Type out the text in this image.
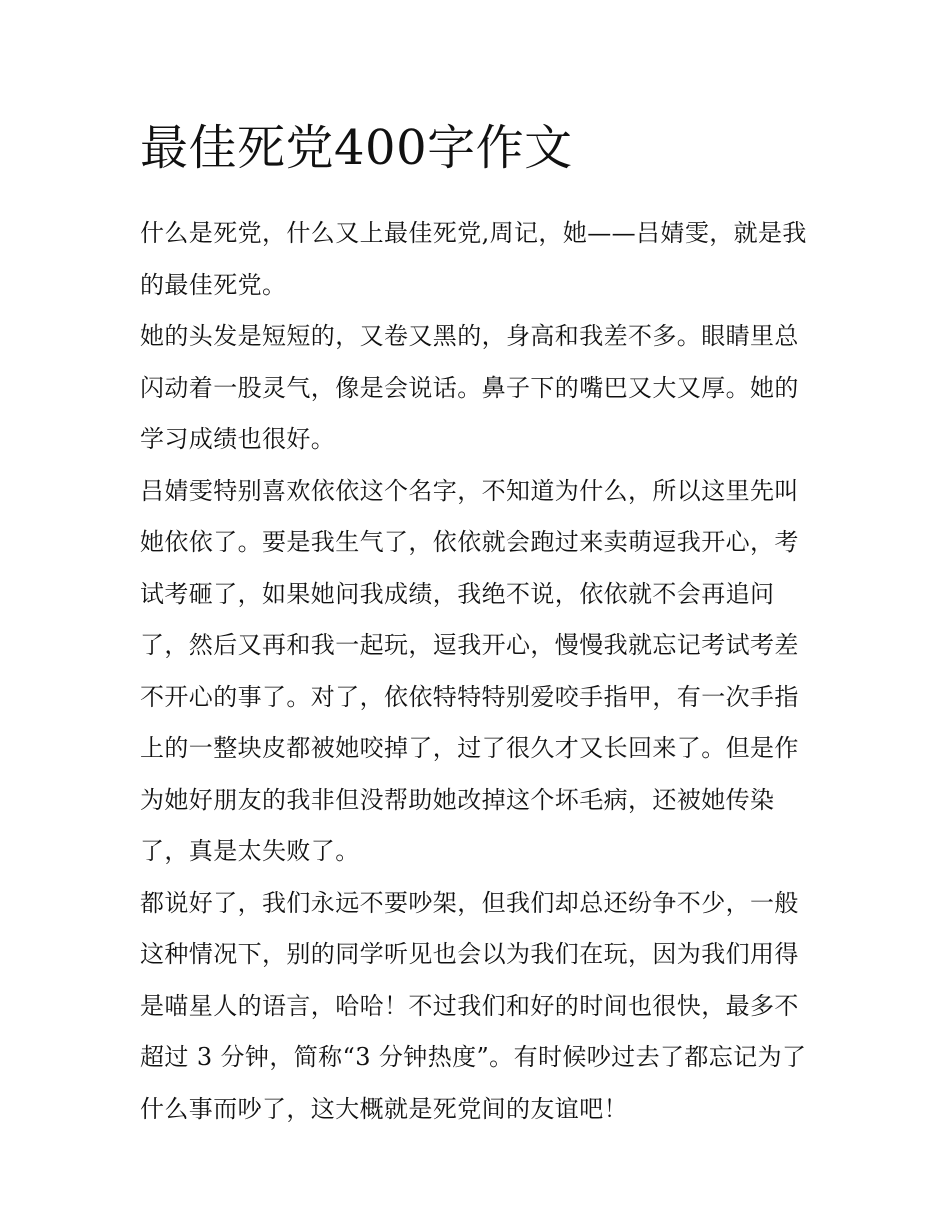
最佳死党400字作文

什么是死党，什么又上最佳死党,周记，她——吕婧雯，就是我的最佳死党。

她的头发是短短的，又卷又黑的，身高和我差不多。眼睛里总闪动着一股灵气，像是会说话。鼻子下的嘴巴又大又厚。她的学习成绩也很好。

吕婧雯特别喜欢依依这个名字，不知道为什么，所以这里先叫她依依了。要是我生气了，依依就会跑过来卖萌逗我开心，考试考砸了，如果她问我成绩，我绝不说，依依就不会再追问了，然后又再和我一起玩，逗我开心，慢慢我就忘记考试考差不开心的事了。对了，依依特特特别爱咬手指甲，有一次手指上的一整块皮都被她咬掉了，过了很久才又长回来了。但是作为她好朋友的我非但没帮助她改掉这个坏毛病，还被她传染了，真是太失败了。

都说好了，我们永远不要吵架，但我们却总还纷争不少，一般这种情况下，别的同学听见也会以为我们在玩，因为我们用得是喵星人的语言，哈哈！不过我们和好的时间也很快，最多不超过 3 分钟，简称“3 分钟热度”。有时候吵过去了都忘记为了什么事而吵了，这大概就是死党间的友谊吧！
